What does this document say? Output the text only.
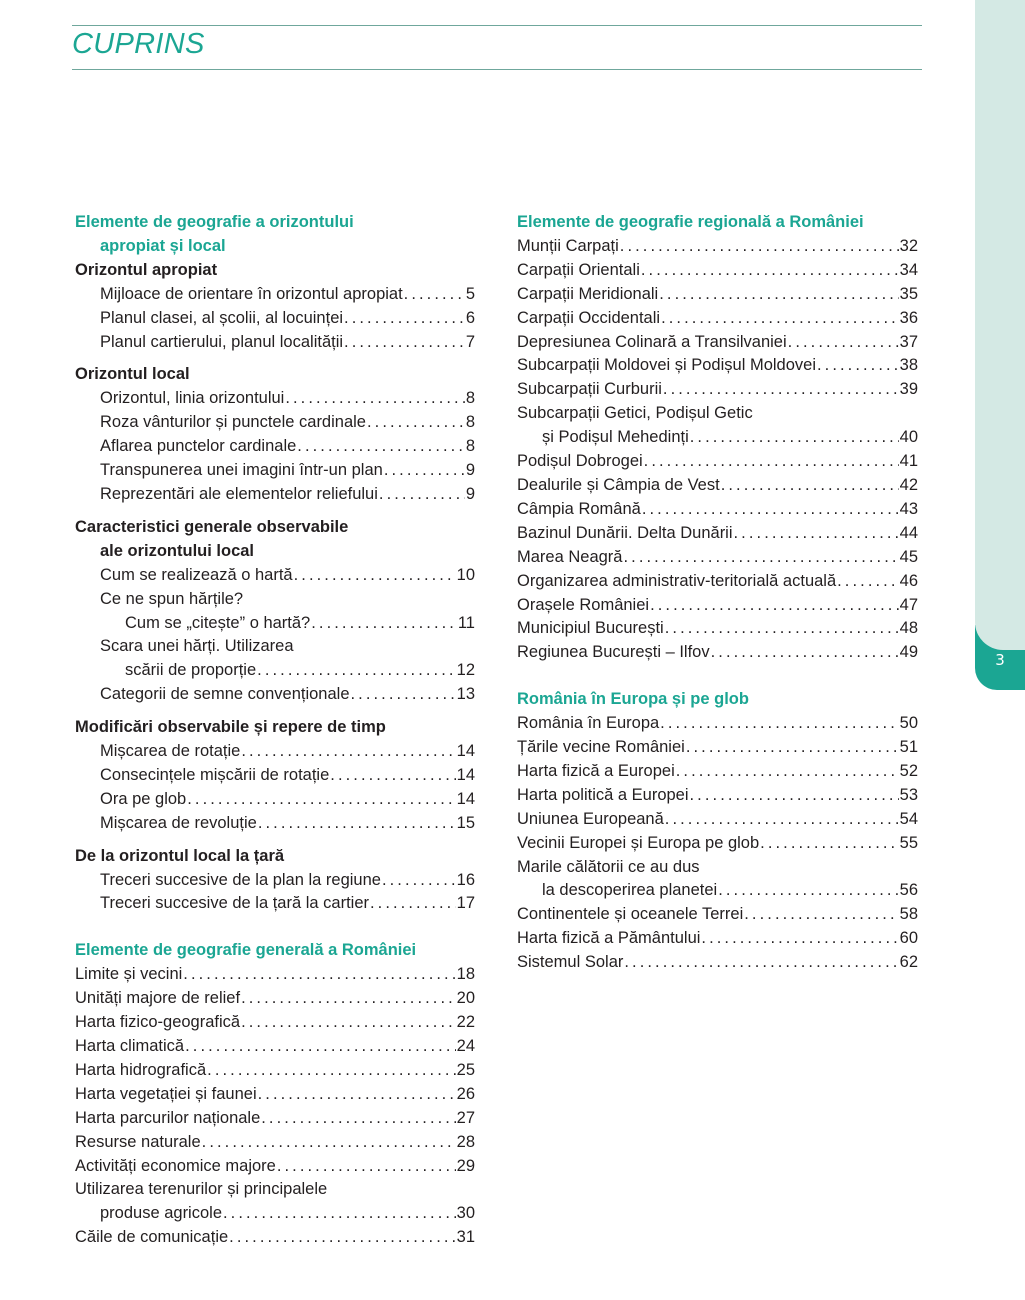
CUPRINS
3
Elemente de geografie a orizontului
apropiat și local
Orizontul apropiat
Mijloace de orientare în orizontul apropiat . . .	5
Planul clasei, al școlii, al locuinței . . .	6
Planul cartierului, planul localității . . .	7
Orizontul local
Orizontul, linia orizontului . . .	8
Roza vânturilor și punctele cardinale . . .	8
Aflarea punctelor cardinale . . .	8
Transpunerea unei imagini într-un plan . . .	9
Reprezentări ale elementelor reliefului . . .	9
Caracteristici generale observabile
ale orizontului local
Cum se realizează o hartă . . .	10
Ce ne spun hărțile?
Cum se „citește” o hartă? . . .	11
Scara unei hărți. Utilizarea
scării de proporție . . .	12
Categorii de semne convenționale . . .	13
Modificări observabile și repere de timp
Mișcarea de rotație . . .	14
Consecințele mișcării de rotație . . .	14
Ora pe glob . . .	14
Mișcarea de revoluție . . .	15
De la orizontul local la țară
Treceri succesive de la plan la regiune . . .	16
Treceri succesive de la țară la cartier . . .	17
Elemente de geografie generală a României
Limite și vecini . . .	18
Unități majore de relief . . .	20
Harta fizico-geografică . . .	22
Harta climatică . . .	24
Harta hidrografică . . .	25
Harta vegetației și faunei . . .	26
Harta parcurilor naționale . . .	27
Resurse naturale . . .	28
Activități economice majore . . .	29
Utilizarea terenurilor și principalele
produse agricole . . .	30
Căile de comunicație . . .	31
Elemente de geografie regională a României
Munții Carpați . . .	32
Carpații Orientali . . .	34
Carpații Meridionali . . .	35
Carpații Occidentali . . .	36
Depresiunea Colinară a Transilvaniei . . .	37
Subcarpații Moldovei și Podișul Moldovei . . .	38
Subcarpații Curburii . . .	39
Subcarpații Getici, Podișul Getic
și Podișul Mehedinți . . .	40
Podișul Dobrogei . . .	41
Dealurile și Câmpia de Vest . . .	42
Câmpia Română . . .	43
Bazinul Dunării. Delta Dunării . . .	44
Marea Neagră . . .	45
Organizarea administrativ-teritorială actuală . . .	46
Orașele României . . .	47
Municipiul București . . .	48
Regiunea București – Ilfov . . .	49
România în Europa și pe glob
România în Europa . . .	50
Țările vecine României . . .	51
Harta fizică a Europei . . .	52
Harta politică a Europei . . .	53
Uniunea Europeană . . .	54
Vecinii Europei și Europa pe glob . . .	55
Marile călătorii ce au dus
la descoperirea planetei . . .	56
Continentele și oceanele Terrei . . .	58
Harta fizică a Pământului . . .	60
Sistemul Solar . . .	62
